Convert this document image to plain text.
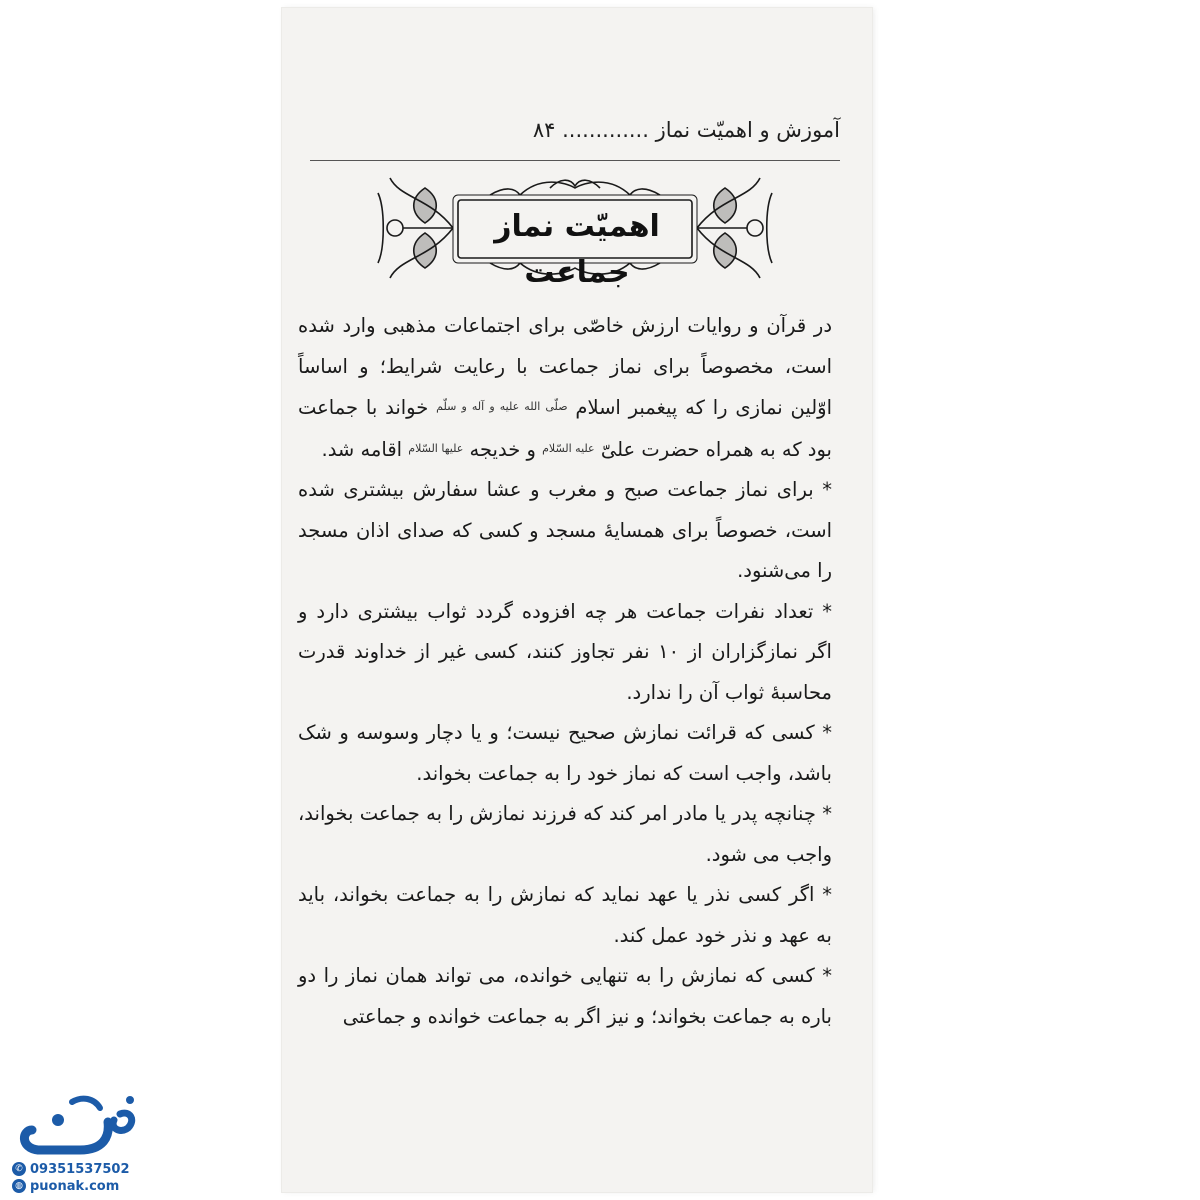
آموزش و اهمیّت نماز ............. ۸۴
اهمیّت نماز جماعت

در قرآن و روایات ارزش خاصّی برای اجتماعات مذهبی وارد شده است، مخصوصاً برای نماز جماعت با رعایت شرایط؛ و اساساً اوّلین نمازی را که پیغمبر اسلام $^{صلّی الله علیه و آله و سلّم}$ خواند با جماعت بود که به همراه حضرت علیّ $^{علیه السّلام}$ و خدیجه $^{علیها السّلام}$ اقامه شد.

* برای نماز جماعت صبح و مغرب و عشا سفارش بیشتری شده است، خصوصاً برای همسایهٔ مسجد و کسی که صدای اذان مسجد را می‌شنود.

* تعداد نفرات جماعت هر چه افزوده گردد ثواب بیشتری دارد و اگر نمازگزاران از ۱۰ نفر تجاوز کنند، کسی غیر از خداوند قدرت محاسبهٔ ثواب آن را ندارد.

* کسی که قرائت نمازش صحیح نیست؛ و یا دچار وسوسه و شک باشد، واجب است که نماز خود را به جماعت بخواند.

* چنانچه پدر یا مادر امر کند که فرزند نمازش را به جماعت بخواند، واجب می شود.

* اگر کسی نذر یا عهد نماید که نمازش را به جماعت بخواند، باید به عهد و نذر خود عمل کند.

* کسی که نمازش را به تنهایی خوانده، می تواند همان نماز را دو باره به جماعت بخواند؛ و نیز اگر به جماعت خوانده و جماعتی

✆ 09351537502
◍ puonak.com
